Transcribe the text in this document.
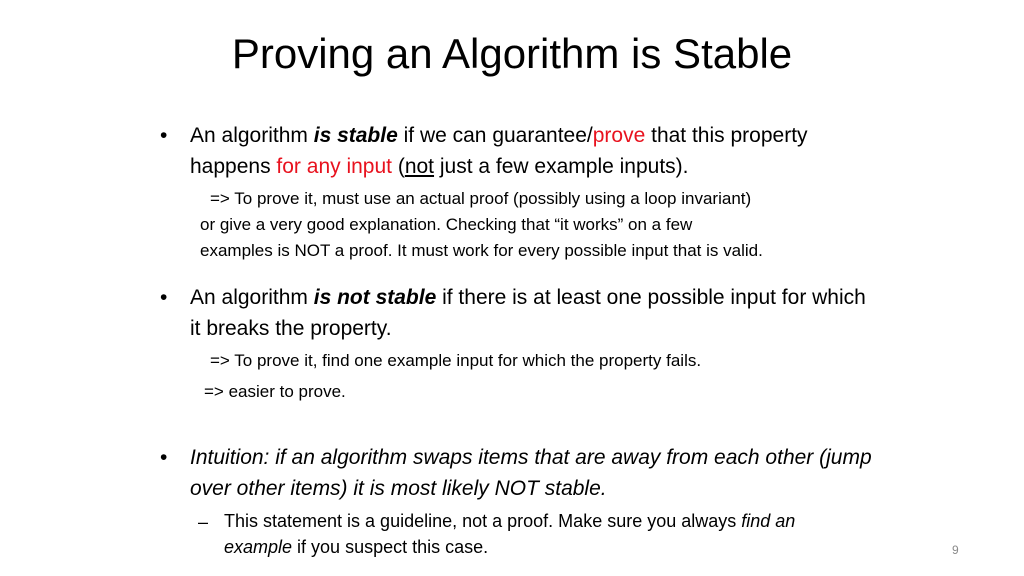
Proving an Algorithm is Stable
•	An algorithm is stable if we can guarantee/prove that this property happens for any input (not just a few example inputs).
=> To prove it, must use an actual proof (possibly using a loop invariant)
or give a very good explanation. Checking that “it works” on a few
examples is NOT a proof. It must work for every possible input that is valid.
•	An algorithm is not stable if there is at least one possible input for which it breaks the property.
=> To prove it, find one example input for which the property fails.
=> easier to prove.
•	Intuition: if an algorithm swaps items that are away from each other (jump over other items) it is most likely NOT stable.
– This statement is a guideline, not a proof. Make sure you always find an example if you suspect this case.	9
